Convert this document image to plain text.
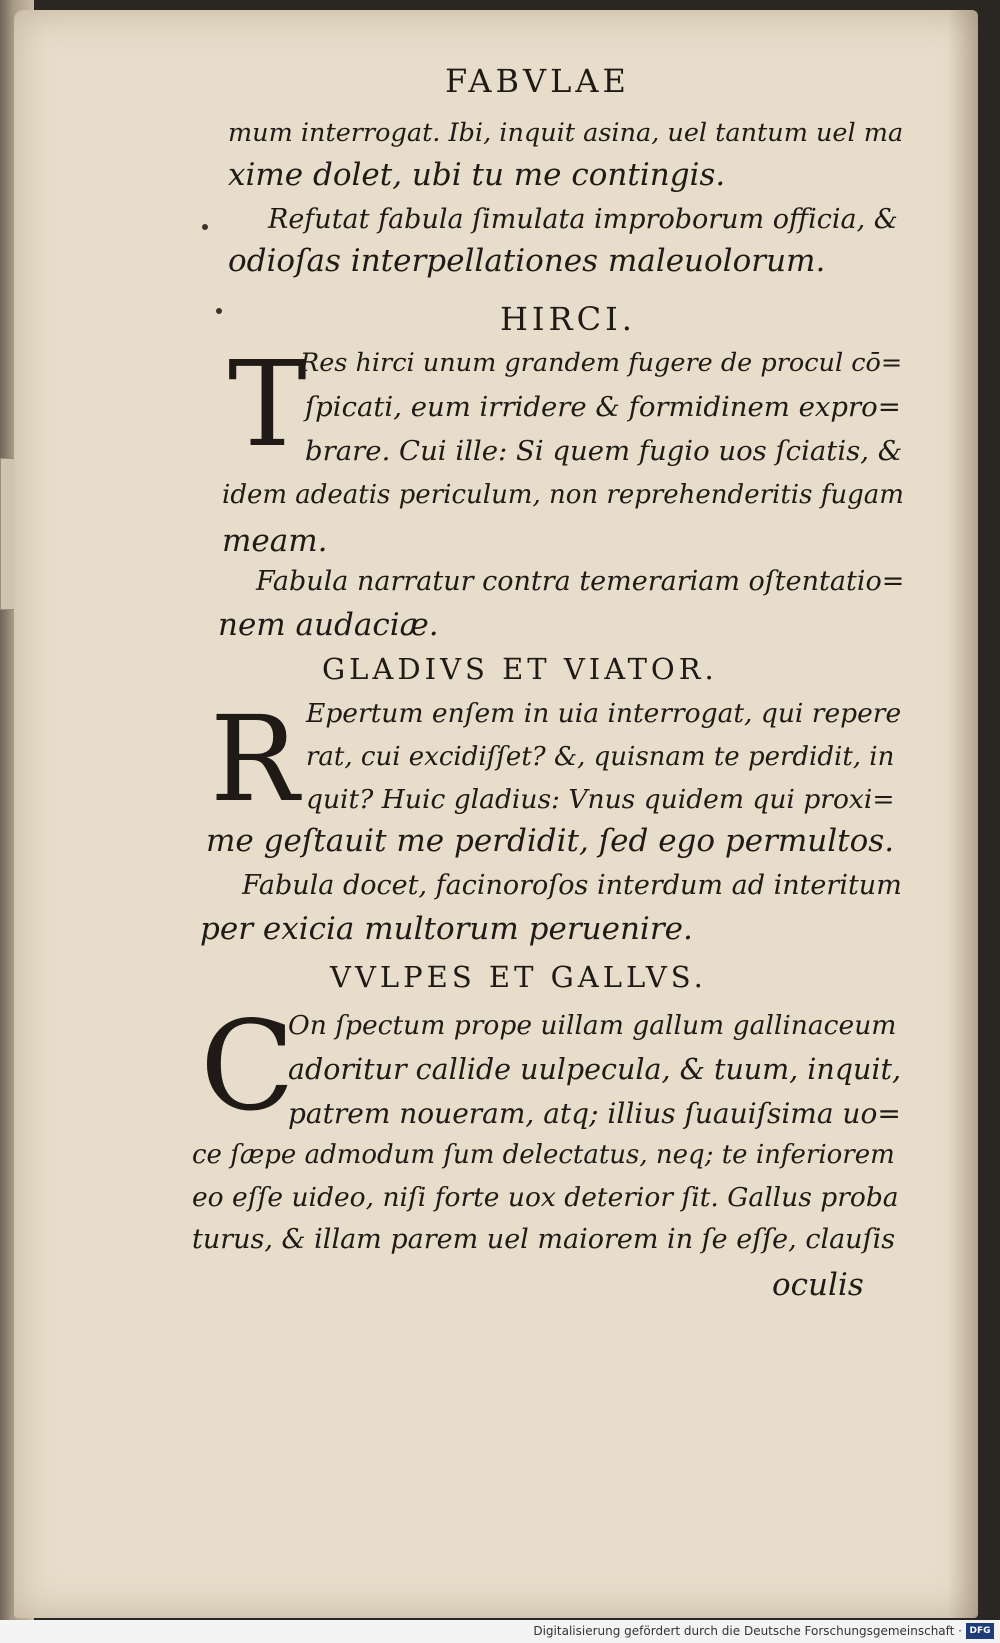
FABVLAE
mum interrogat. Ibi, inquit asina, uel tantum uel ma
xime dolet, ubi tu me contingis.
Refutat fabula ſimulata improborum officia, &
odioſas interpellationes maleuolorum.
HIRCI.
T
Res hirci unum grandem fugere de procul cō=
ſpicati, eum irridere & formidinem expro=
brare. Cui ille: Si quem fugio uos ſciatis, &
idem adeatis periculum, non reprehenderitis fugam
meam.
Fabula narratur contra temerariam oſtentatio=
nem audaciæ.
GLADIVS ET VIATOR.
R Epertum enſem in uia interrogat, qui repere
rat, cui excidiſſet? &, quisnam te perdidit, in
quit? Huic gladius: Vnus quidem qui proxi=
me geſtauit me perdidit, ſed ego permultos.
Fabula docet, facinoroſos interdum ad interitum
per exicia multorum peruenire.
VVLPES ET GALLVS.
C
On ſpectum prope uillam gallum gallinaceum
adoritur callide uulpecula, & tuum, inquit,
patrem noueram, atq; illius ſuauiſsima uo=
ce ſæpe admodum ſum delectatus, neq; te inferiorem
eo eſſe uideo, niſi forte uox deterior ſit. Gallus proba
turus, & illam parem uel maiorem in ſe eſſe, clauſis
oculis
Digitalisierung gefördert durch die Deutsche Forschungsgemeinschaft · DFG
